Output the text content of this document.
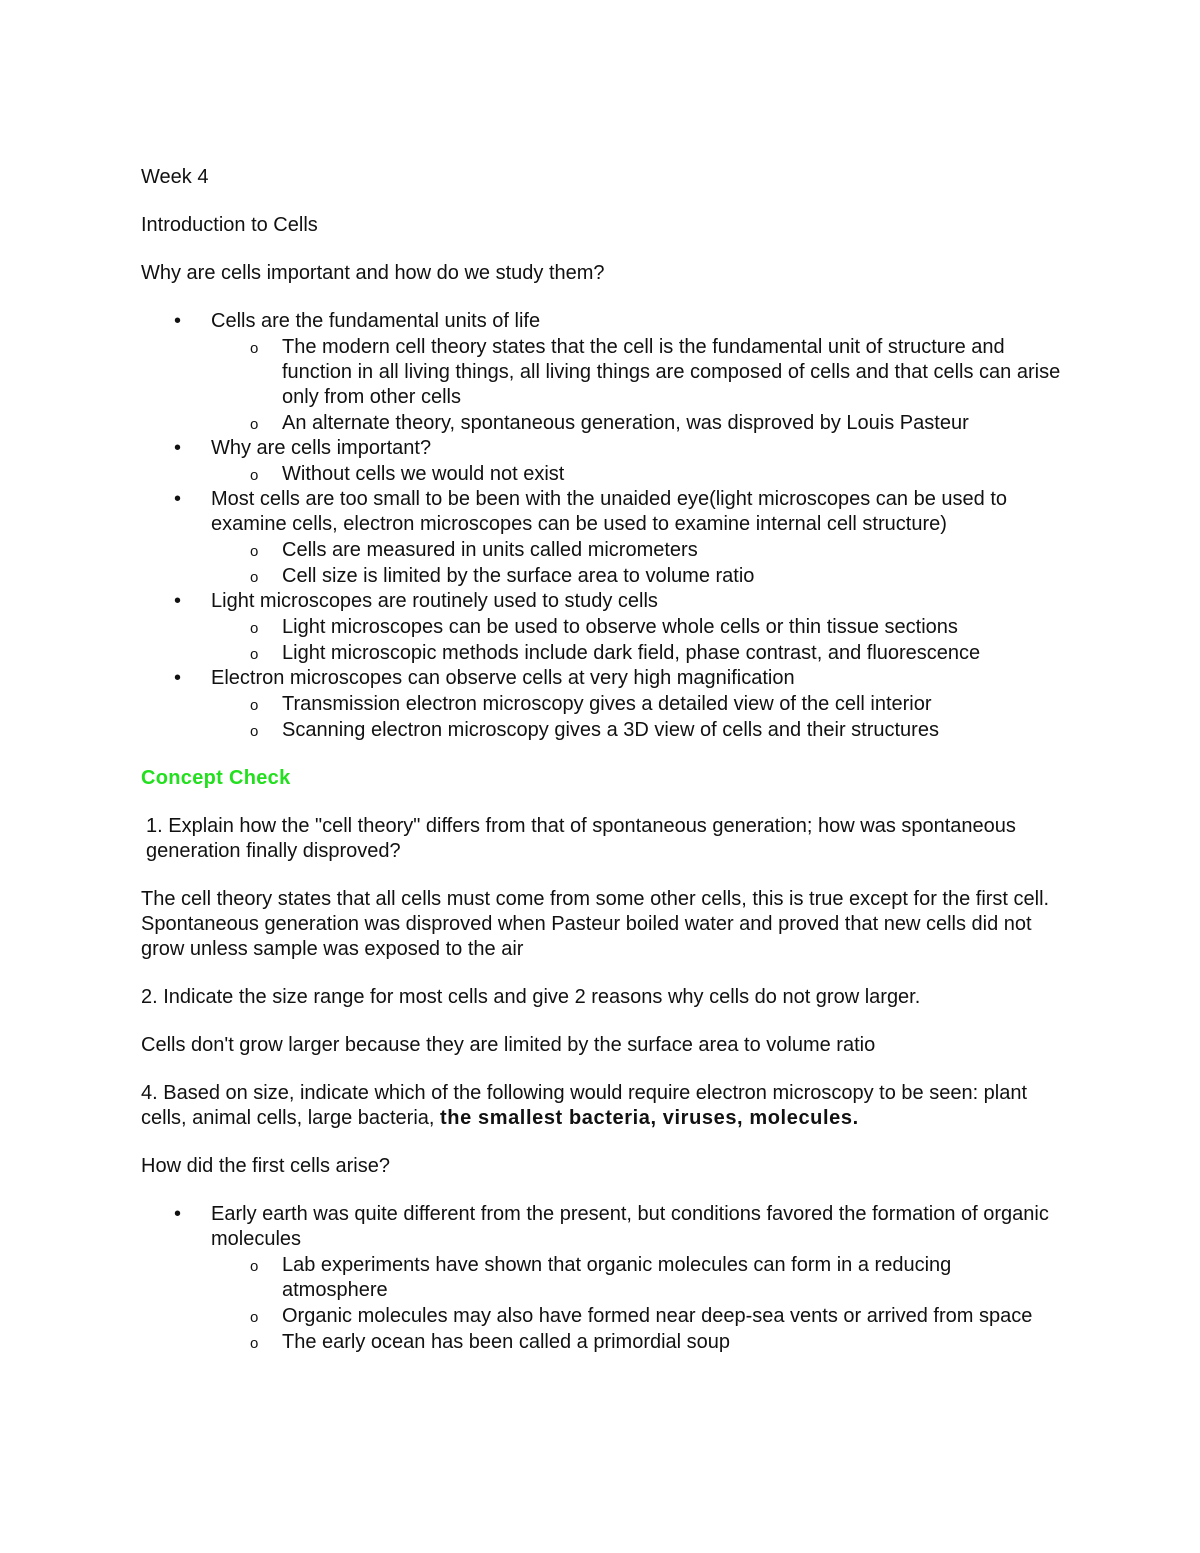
Week 4

Introduction to Cells

Why are cells important and how do we study them?

• Cells are the fundamental units of life
o The modern cell theory states that the cell is the fundamental unit of structure and function in all living things, all living things are composed of cells and that cells can arise only from other cells
o An alternate theory, spontaneous generation, was disproved by Louis Pasteur
• Why are cells important?
o Without cells we would not exist
• Most cells are too small to be been with the unaided eye(light microscopes can be used to examine cells, electron microscopes can be used to examine internal cell structure)
o Cells are measured in units called micrometers
o Cell size is limited by the surface area to volume ratio
• Light microscopes are routinely used to study cells
o Light microscopes can be used to observe whole cells or thin tissue sections
o Light microscopic methods include dark field, phase contrast, and fluorescence
• Electron microscopes can observe cells at very high magnification
o Transmission electron microscopy gives a detailed view of the cell interior
o Scanning electron microscopy gives a 3D view of cells and their structures

Concept Check

1. Explain how the "cell theory" differs from that of spontaneous generation; how was spontaneous generation finally disproved?

The cell theory states that all cells must come from some other cells, this is true except for the first cell. Spontaneous generation was disproved when Pasteur boiled water and proved that new cells did not grow unless sample was exposed to the air

2. Indicate the size range for most cells and give 2 reasons why cells do not grow larger.

Cells don't grow larger because they are limited by the surface area to volume ratio

4. Based on size, indicate which of the following would require electron microscopy to be seen: plant cells, animal cells, large bacteria, the smallest bacteria, viruses, molecules.

How did the first cells arise?

• Early earth was quite different from the present, but conditions favored the formation of organic molecules
o Lab experiments have shown that organic molecules can form in a reducing atmosphere
o Organic molecules may also have formed near deep-sea vents or arrived from space
o The early ocean has been called a primordial soup
